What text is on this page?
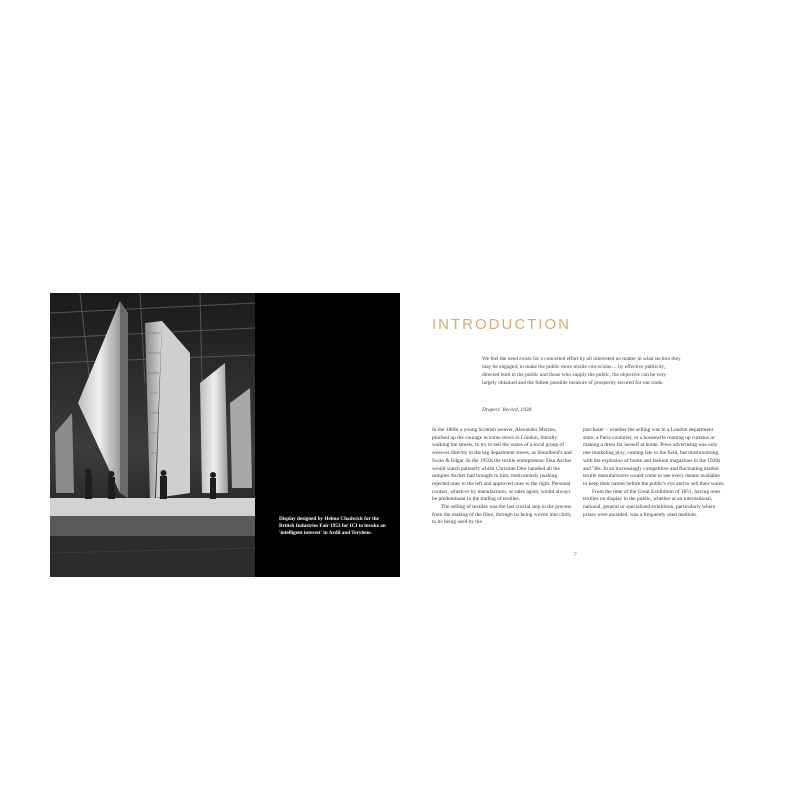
Display designed by Helmo Chadwick for the British Industries Fair 1953 for ICI to invoke an 'intelligent interest' in Ardil and Terylene.

INTRODUCTION

We feel the need exists for a concerted effort by all interested no matter in what section they may be engaged, to make the public more textile con-scious… by effective publicity, directed both to the public and those who supply the public, the objective can be very largely obtained and the fullest possible measure of prosperity secured for our trade.

Drapers' Record, 1938

In the 1860s a young Scottish weaver, Alexander Morton, plucked up the courage to come down to London, literally walking the streets, to try to sell the wares of a local group of weavers directly to the big department stores, as Shoolbred's and Swan & Edgar. In the 1950s the textile entrepreneur Zika Ascher would watch patiently whilst Christian Dior handled all the samples Ascher had brought to him, meticulously pushing rejected ones to the left and approved ones to the right. Personal contact, wheth-er by manufacturer, or sales agent, would always be predominant in the trading of textiles.

The selling of textiles was the last crucial step in the process from the making of the fibre, through its being woven into cloth, to its being used by the

purchaser – whether the selling was to a London department store, a Paris couturier, or a housewife running up curtains or making a dress for herself at home. Press advertising was only one marketing ploy, coming late to the field, but mushrooming with the explosion of home and fashion magazines in the 1920s and '30s. In an increasingly competitive and fluctuating market textile manufacturers would come to use every means available to keep their names before the public's eye and to sell their wares.

From the time of the Great Exhibition of 1851, having ones textiles on display to the public, whether at an international, national, general or specialized exhibition, particularly where prizes were awarded, was a frequently used medium.

7
